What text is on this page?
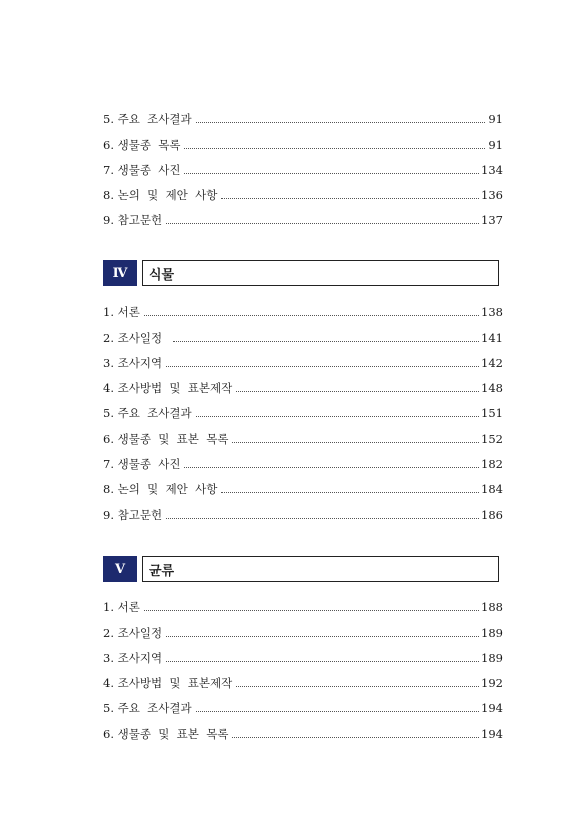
5. 주요  조사결과	91
6. 생물종  목록	91
7. 생물종  사진	134
8. 논의  및  제안  사항	136
9. 참고문헌	137
Ⅳ	식물
1. 서론	138
2. 조사일정	141
3. 조사지역	142
4. 조사방법  및  표본제작	148
5. 주요  조사결과	151
6. 생물종  및  표본  목록	152
7. 생물종  사진	182
8. 논의  및  제안  사항	184
9. 참고문헌	186
Ⅴ	균류
1. 서론	188
2. 조사일정	189
3. 조사지역	189
4. 조사방법  및  표본제작	192
5. 주요  조사결과	194
6. 생물종  및  표본  목록	194
